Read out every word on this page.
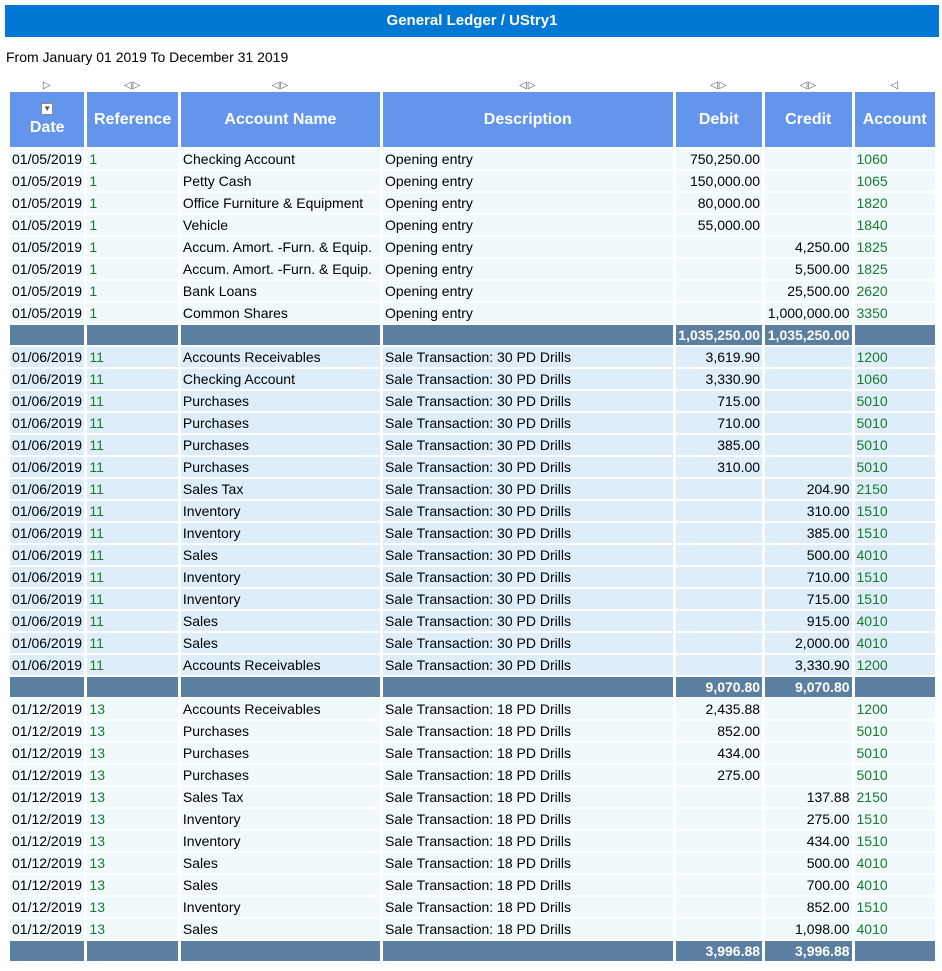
General Ledger / UStry1
From January 01 2019 To December 31 2019
▷	◁▷	◁▷	◁▷	◁▷	◁▷	◁

▼
Date	Reference	Account Name	Description	Debit	Credit	Account
01/05/2019	1	Checking Account	Opening entry	750,250.00		1060
01/05/2019	1	Petty Cash	Opening entry	150,000.00		1065
01/05/2019	1	Office Furniture & Equipment	Opening entry	80,000.00		1820
01/05/2019	1	Vehicle	Opening entry	55,000.00		1840
01/05/2019	1	Accum. Amort. -Furn. & Equip.	Opening entry		4,250.00	1825
01/05/2019	1	Accum. Amort. -Furn. & Equip.	Opening entry		5,500.00	1825
01/05/2019	1	Bank Loans	Opening entry		25,500.00	2620
01/05/2019	1	Common Shares	Opening entry		1,000,000.00	3350
				1,035,250.00	1,035,250.00	
01/06/2019	11	Accounts Receivables	Sale Transaction: 30 PD Drills	3,619.90		1200
01/06/2019	11	Checking Account	Sale Transaction: 30 PD Drills	3,330.90		1060
01/06/2019	11	Purchases	Sale Transaction: 30 PD Drills	715.00		5010
01/06/2019	11	Purchases	Sale Transaction: 30 PD Drills	710.00		5010
01/06/2019	11	Purchases	Sale Transaction: 30 PD Drills	385.00		5010
01/06/2019	11	Purchases	Sale Transaction: 30 PD Drills	310.00		5010
01/06/2019	11	Sales Tax	Sale Transaction: 30 PD Drills		204.90	2150
01/06/2019	11	Inventory	Sale Transaction: 30 PD Drills		310.00	1510
01/06/2019	11	Inventory	Sale Transaction: 30 PD Drills		385.00	1510
01/06/2019	11	Sales	Sale Transaction: 30 PD Drills		500.00	4010
01/06/2019	11	Inventory	Sale Transaction: 30 PD Drills		710.00	1510
01/06/2019	11	Inventory	Sale Transaction: 30 PD Drills		715.00	1510
01/06/2019	11	Sales	Sale Transaction: 30 PD Drills		915.00	4010
01/06/2019	11	Sales	Sale Transaction: 30 PD Drills		2,000.00	4010
01/06/2019	11	Accounts Receivables	Sale Transaction: 30 PD Drills		3,330.90	1200
				9,070.80	9,070.80	
01/12/2019	13	Accounts Receivables	Sale Transaction: 18 PD Drills	2,435.88		1200
01/12/2019	13	Purchases	Sale Transaction: 18 PD Drills	852.00		5010
01/12/2019	13	Purchases	Sale Transaction: 18 PD Drills	434.00		5010
01/12/2019	13	Purchases	Sale Transaction: 18 PD Drills	275.00		5010
01/12/2019	13	Sales Tax	Sale Transaction: 18 PD Drills		137.88	2150
01/12/2019	13	Inventory	Sale Transaction: 18 PD Drills		275.00	1510
01/12/2019	13	Inventory	Sale Transaction: 18 PD Drills		434.00	1510
01/12/2019	13	Sales	Sale Transaction: 18 PD Drills		500.00	4010
01/12/2019	13	Sales	Sale Transaction: 18 PD Drills		700.00	4010
01/12/2019	13	Inventory	Sale Transaction: 18 PD Drills		852.00	1510
01/12/2019	13	Sales	Sale Transaction: 18 PD Drills		1,098.00	4010
				3,996.88	3,996.88	
